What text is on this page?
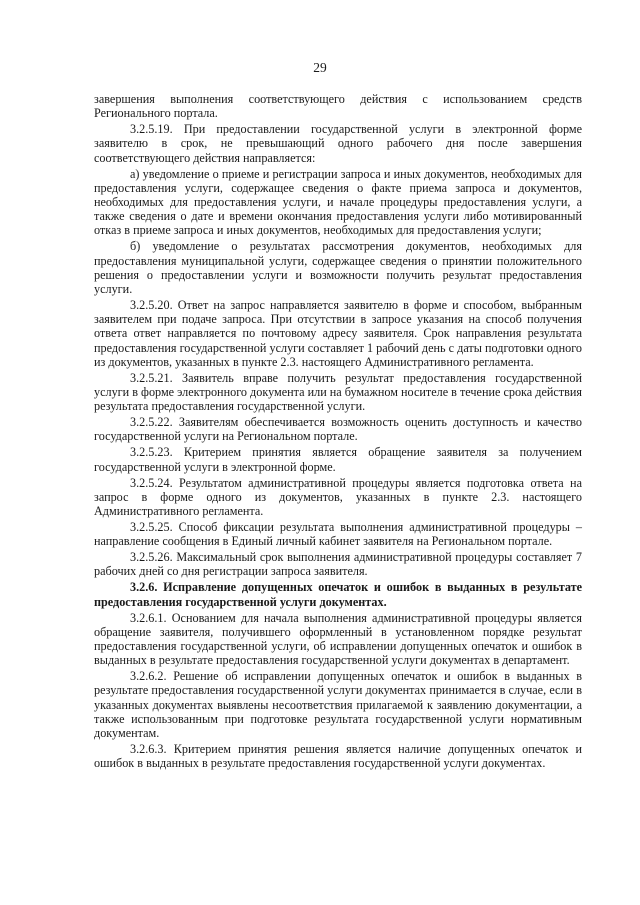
29

завершения выполнения соответствующего действия с использованием средств Регионального портала.

3.2.5.19. При предоставлении государственной услуги в электронной форме заявителю в срок, не превышающий одного рабочего дня после завершения соответствующего действия направляется:

а) уведомление о приеме и регистрации запроса и иных документов, необходимых для предоставления услуги, содержащее сведения о факте приема запроса и документов, необходимых для предоставления услуги, и начале процедуры предоставления услуги, а также сведения о дате и времени окончания предоставления услуги либо мотивированный отказ в приеме запроса и иных документов, необходимых для предоставления услуги;

б) уведомление о результатах рассмотрения документов, необходимых для предоставления муниципальной услуги, содержащее сведения о принятии положительного решения о предоставлении услуги и возможности получить результат предоставления услуги.

3.2.5.20. Ответ на запрос направляется заявителю в форме и способом, выбранным заявителем при подаче запроса. При отсутствии в запросе указания на способ получения ответа ответ направляется по почтовому адресу заявителя. Срок направления результата предоставления государственной услуги составляет 1 рабочий день с даты подготовки одного из документов, указанных в пункте 2.3. настоящего Административного регламента.

3.2.5.21. Заявитель вправе получить результат предоставления государственной услуги в форме электронного документа или на бумажном носителе в течение срока действия результата предоставления государственной услуги.

3.2.5.22. Заявителям обеспечивается возможность оценить доступность и качество государственной услуги на Региональном портале.

3.2.5.23. Критерием принятия является обращение заявителя за получением государственной услуги в электронной форме.

3.2.5.24. Результатом административной процедуры является подготовка ответа на запрос в форме одного из документов, указанных в пункте 2.3. настоящего Административного регламента.

3.2.5.25. Способ фиксации результата выполнения административной процедуры – направление сообщения в Единый личный кабинет заявителя на Региональном портале.

3.2.5.26. Максимальный срок выполнения административной процедуры составляет 7 рабочих дней со дня регистрации запроса заявителя.

3.2.6. Исправление допущенных опечаток и ошибок в выданных в результате предоставления государственной услуги документах.

3.2.6.1. Основанием для начала выполнения административной процедуры является обращение заявителя, получившего оформленный в установленном порядке результат предоставления государственной услуги, об исправлении допущенных опечаток и ошибок в выданных в результате предоставления государственной услуги документах в департамент.

3.2.6.2. Решение об исправлении допущенных опечаток и ошибок в выданных в результате предоставления государственной услуги документах принимается в случае, если в указанных документах выявлены несоответствия прилагаемой к заявлению документации, а также использованным при подготовке результата государственной услуги нормативным документам.

3.2.6.3. Критерием принятия решения является наличие допущенных опечаток и ошибок в выданных в результате предоставления государственной услуги документах.
